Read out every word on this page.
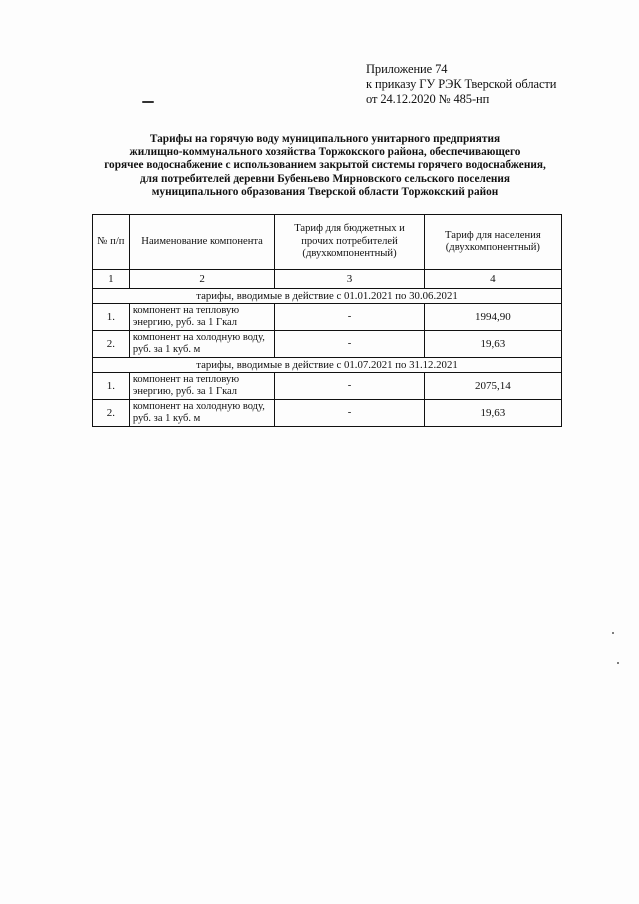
Приложение 74
к приказу ГУ РЭК Тверской области
от 24.12.2020 № 485-нп
Тарифы на горячую воду муниципального унитарного предприятия
жилищно-коммунального хозяйства Торжокского района, обеспечивающего
горячее водоснабжение с использованием закрытой системы горячего водоснабжения,
для потребителей деревни Бубеньево Мирновского сельского поселения
муниципального образования Тверской области Торжокский район
№ п/п	Наименование компонента	Тариф для бюджетных и прочих потребителей (двухкомпонентный)	Тариф для населения (двухкомпонентный)
1	2	3	4
тарифы, вводимые в действие с 01.01.2021 по 30.06.2021			
1.	компонент на тепловую энергию, руб. за 1 Гкал	-	1994,90
2.	компонент на холодную воду, руб. за 1 куб. м	-	19,63
тарифы, вводимые в действие с 01.07.2021 по 31.12.2021			
1.	компонент на тепловую энергию, руб. за 1 Гкал	-	2075,14
2.	компонент на холодную воду, руб. за 1 куб. м	-	19,63
